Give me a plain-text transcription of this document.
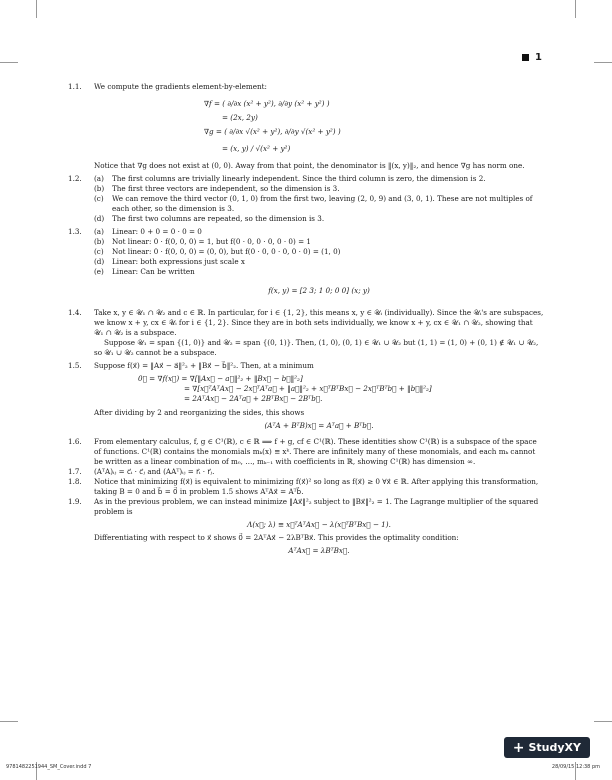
1
1.1.	We compute the gradients element-by-element:
∇f = ( ∂/∂x (x² + y²), ∂/∂y (x² + y²) )
= (2x, 2y)
∇g = ( ∂/∂x √(x² + y²), ∂/∂y √(x² + y²) )
= (x, y) / √(x² + y²)
Notice that ∇g does not exist at (0, 0). Away from that point, the denominator is ‖(x, y)‖₂, and hence ∇g has norm one.
1.2.	(a)	The first columns are trivially linearly independent. Since the third column is zero, the dimension is 2.
(b)	The first three vectors are independent, so the dimension is 3.
(c)	We can remove the third vector (0, 1, 0) from the first two, leaving (2, 0, 9) and (3, 0, 1). These are not multiples of each other, so the dimension is 3.
(d)	The first two columns are repeated, so the dimension is 3.
1.3.	(a)	Linear: 0 + 0 = 0 · 0 = 0
(b)	Not linear: 0 · f(0, 0, 0) = 1, but f(0 · 0, 0 · 0, 0 · 0) = 1
(c)	Not linear: 0 · f(0, 0, 0) = (0, 0), but f(0 · 0, 0 · 0, 0 · 0) = (1, 0)
(d)	Linear: both expressions just scale x
(e)	Linear: Can be written
f(x, y) = [2 3; 1 0; 0 0] (x; y)
1.4.	Take x, y ∈ 𝒰₁ ∩ 𝒰₂ and c ∈ ℝ. In particular, for i ∈ {1, 2}, this means x, y ∈ 𝒰ᵢ (individually). Since the 𝒰ᵢ's are subspaces, we know x + y, cx ∈ 𝒰ᵢ for i ∈ {1, 2}. Since they are in both sets individually, we know x + y, cx ∈ 𝒰₁ ∩ 𝒰₂, showing that 𝒰₁ ∩ 𝒰₂ is a subspace.
Suppose 𝒰₁ = span {(1, 0)} and 𝒰₂ = span {(0, 1)}. Then, (1, 0), (0, 1) ∈ 𝒰₁ ∪ 𝒰₂ but (1, 1) = (1, 0) + (0, 1) ∉ 𝒰₁ ∪ 𝒰₂, so 𝒰₁ ∪ 𝒰₂ cannot be a subspace.
1.5.	Suppose f(x⃗) = ‖Ax⃗ − a⃗‖²₂ + ‖Bx⃗ − b⃗‖²₂. Then, at a minimum
0⃗ = ∇f(x⃗) = ∇[‖Ax⃗ − a⃗‖²₂ + ‖Bx⃗ − b⃗‖²₂]
= ∇[x⃗ᵀAᵀAx⃗ − 2x⃗ᵀAᵀa⃗ + ‖a⃗‖²₂ + x⃗ᵀBᵀBx⃗ − 2x⃗ᵀBᵀb⃗ + ‖b⃗‖²₂]
= 2AᵀAx⃗ − 2Aᵀa⃗ + 2BᵀBx⃗ − 2Bᵀb⃗.
After dividing by 2 and reorganizing the sides, this shows
(AᵀA + BᵀB)x⃗ = Aᵀa⃗ + Bᵀb⃗.
1.6.	From elementary calculus, f, g ∈ C¹(ℝ), c ∈ ℝ ⟹ f + g, cf ∈ C¹(ℝ). These identities show C¹(ℝ) is a subspace of the space of functions. C¹(ℝ) contains the monomials mₖ(x) ≡ xᵏ. There are infinitely many of these monomials, and each mₖ cannot be written as a linear combination of m₀, …, mₖ₋₁ with coefficients in ℝ, showing C¹(ℝ) has dimension ∞.
1.7.	(AᵀA)ᵢⱼ = c⃗ᵢ · c⃗ⱼ and (AAᵀ)ᵢⱼ = r⃗ᵢ · r⃗ⱼ.
1.8.	Notice that minimizing f(x⃗) is equivalent to minimizing f(x⃗)² so long as f(x⃗) ≥ 0 ∀x⃗ ∈ ℝ. After applying this transformation, taking B = 0 and b⃗ = 0⃗ in problem 1.5 shows AᵀAx⃗ = Aᵀb⃗.
1.9.	As in the previous problem, we can instead minimize ‖Ax⃗‖²₂ subject to ‖Bx⃗‖²₂ = 1. The Lagrange multiplier of the squared problem is
Λ(x⃗; λ) ≡ x⃗ᵀAᵀAx⃗ − λ(x⃗ᵀBᵀBx⃗ − 1).
Differentiating with respect to x⃗ shows 0⃗ = 2AᵀAx⃗ − 2λBᵀBx⃗. This provides the optimality condition:
AᵀAx⃗ = λBᵀBx⃗.
+ StudyXY
9781482251944_SM_Cover.indd 7	28/09/15 12:38 pm
